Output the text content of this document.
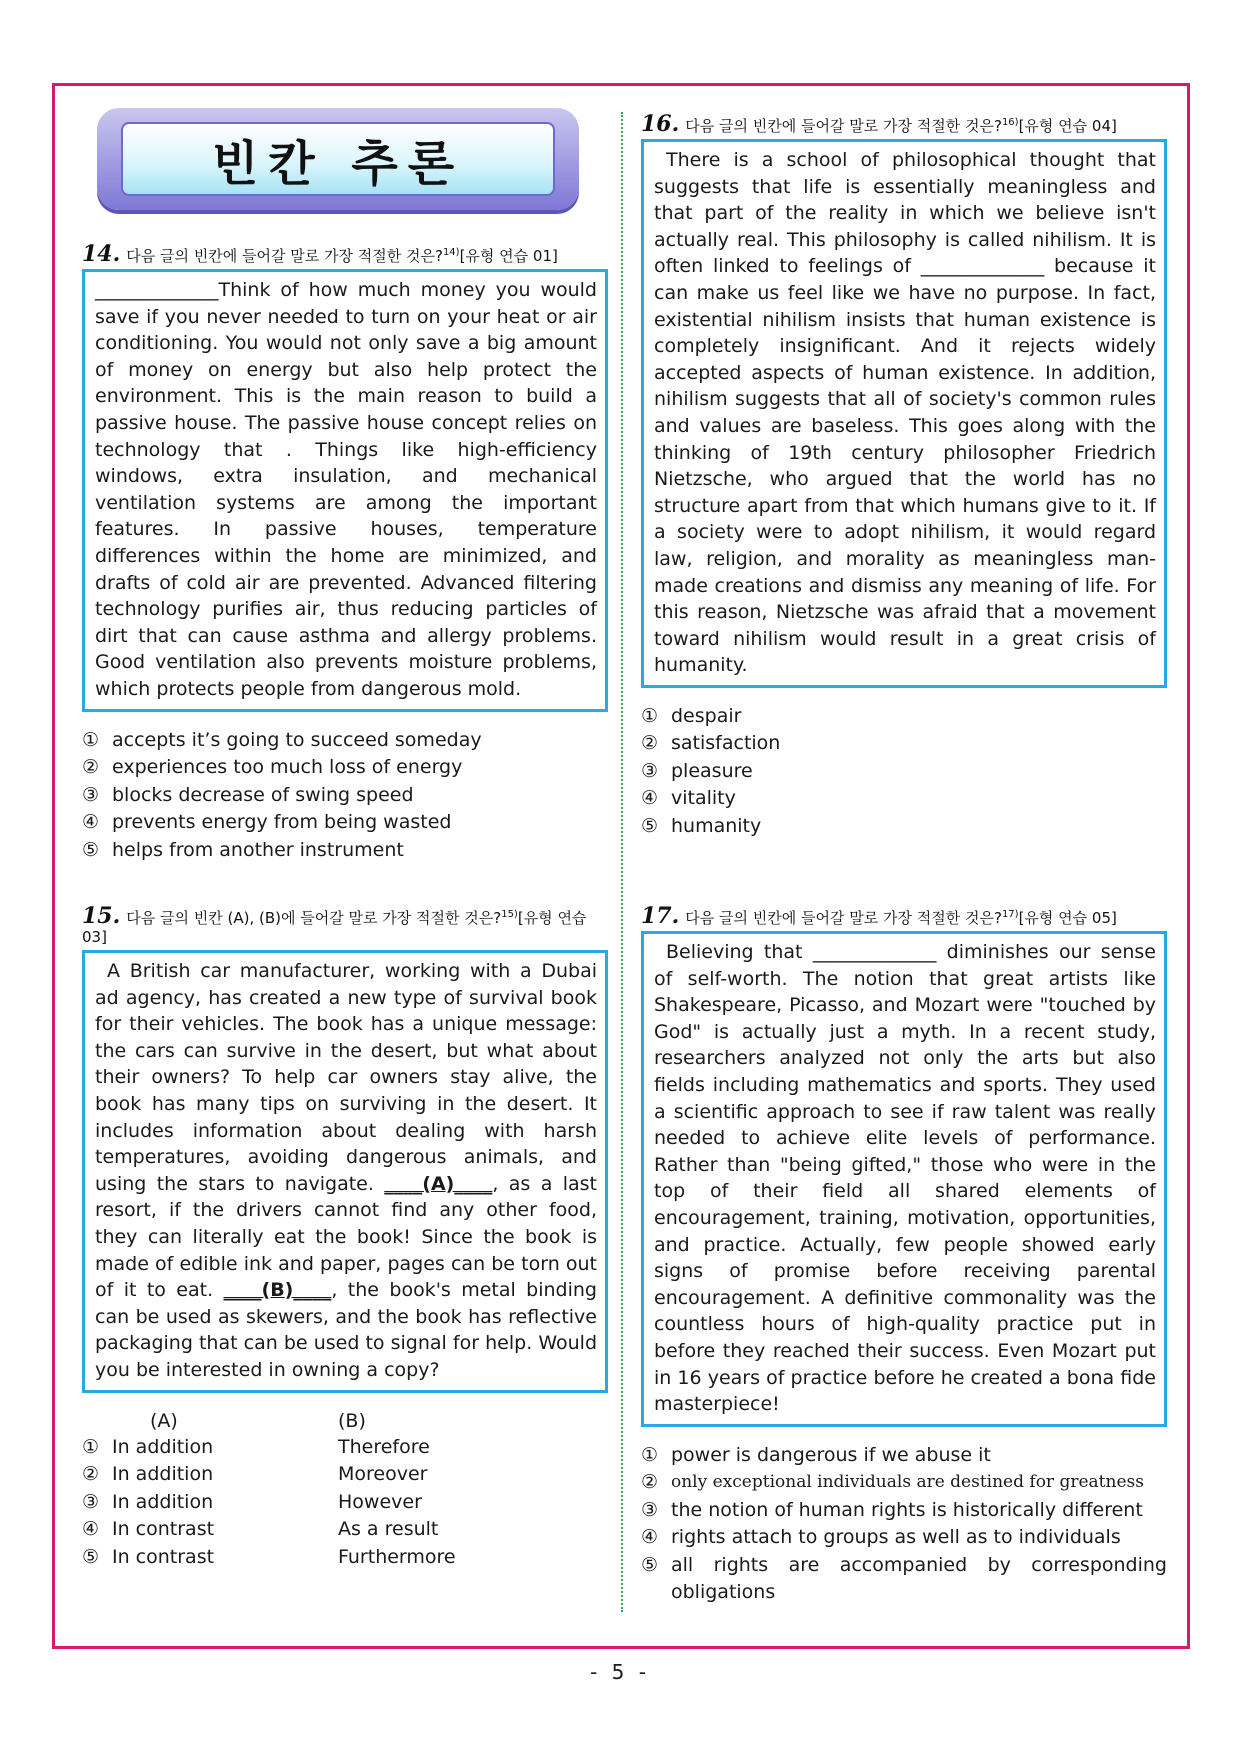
빈칸 추론
14. 다음 글의 빈칸에 들어갈 말로 가장 적절한 것은?$^{14)}$[유형 연습 01]

_____________Think of how much money you would save if you never needed to turn on your heat or air conditioning. You would not only save a big amount of money on energy but also help protect the environment. This is the main reason to build a passive house. The passive house concept relies on technology that . Things like high-efficiency windows, extra insulation, and mechanical ventilation systems are among the important features. In passive houses, temperature differences within the home are minimized, and drafts of cold air are prevented. Advanced filtering technology purifies air, thus reducing particles of dirt that can cause asthma and allergy problems. Good ventilation also prevents moisture problems, which protects people from dangerous mold.

① accepts it’s going to succeed someday
② experiences too much loss of energy
③ blocks decrease of swing speed
④ prevents energy from being wasted
⑤ helps from another instrument
15. 다음 글의 빈칸 (A), (B)에 들어갈 말로 가장 적절한 것은?$^{15)}$[유형 연습 03]

A British car manufacturer, working with a Dubai ad agency, has created a new type of survival book for their vehicles. The book has a unique message: the cars can survive in the desert, but what about their owners? To help car owners stay alive, the book has many tips on surviving in the desert. It includes information about dealing with harsh temperatures, avoiding dangerous animals, and using the stars to navigate. ____(A)____, as a last resort, if the drivers cannot find any other food, they can literally eat the book! Since the book is made of edible ink and paper, pages can be torn out of it to eat. ____(B)____, the book's metal binding can be used as skewers, and the book has reflective packaging that can be used to signal for help. Would you be interested in owning a copy?

(A)	(B)
① In addition	Therefore
② In addition	Moreover
③ In addition	However
④ In contrast	As a result
⑤ In contrast	Furthermore
16. 다음 글의 빈칸에 들어갈 말로 가장 적절한 것은?$^{16)}$[유형 연습 04]

There is a school of philosophical thought that suggests that life is essentially meaningless and that part of the reality in which we believe isn't actually real. This philosophy is called nihilism. It is often linked to feelings of _____________ because it can make us feel like we have no purpose. In fact, existential nihilism insists that human existence is completely insignificant. And it rejects widely accepted aspects of human existence. In addition, nihilism suggests that all of society's common rules and values are baseless. This goes along with the thinking of 19th century philosopher Friedrich Nietzsche, who argued that the world has no structure apart from that which humans give to it. If a society were to adopt nihilism, it would regard law, religion, and morality as meaningless man-made creations and dismiss any meaning of life. For this reason, Nietzsche was afraid that a movement toward nihilism would result in a great crisis of humanity.

① despair
② satisfaction
③ pleasure
④ vitality
⑤ humanity
17. 다음 글의 빈칸에 들어갈 말로 가장 적절한 것은?$^{17)}$[유형 연습 05]

Believing that _____________ diminishes our sense of self-worth. The notion that great artists like Shakespeare, Picasso, and Mozart were "touched by God" is actually just a myth. In a recent study, researchers analyzed not only the arts but also fields including mathematics and sports. They used a scientific approach to see if raw talent was really needed to achieve elite levels of performance. Rather than "being gifted," those who were in the top of their field all shared elements of encouragement, training, motivation, opportunities, and practice. Actually, few people showed early signs of promise before receiving parental encouragement. A definitive commonality was the countless hours of high-quality practice put in before they reached their success. Even Mozart put in 16 years of practice before he created a bona fide masterpiece!

① power is dangerous if we abuse it
② only exceptional individuals are destined for greatness
③ the notion of human rights is historically different
④ rights attach to groups as well as to individuals
⑤ all rights are accompanied by corresponding obligations
- 5 -
